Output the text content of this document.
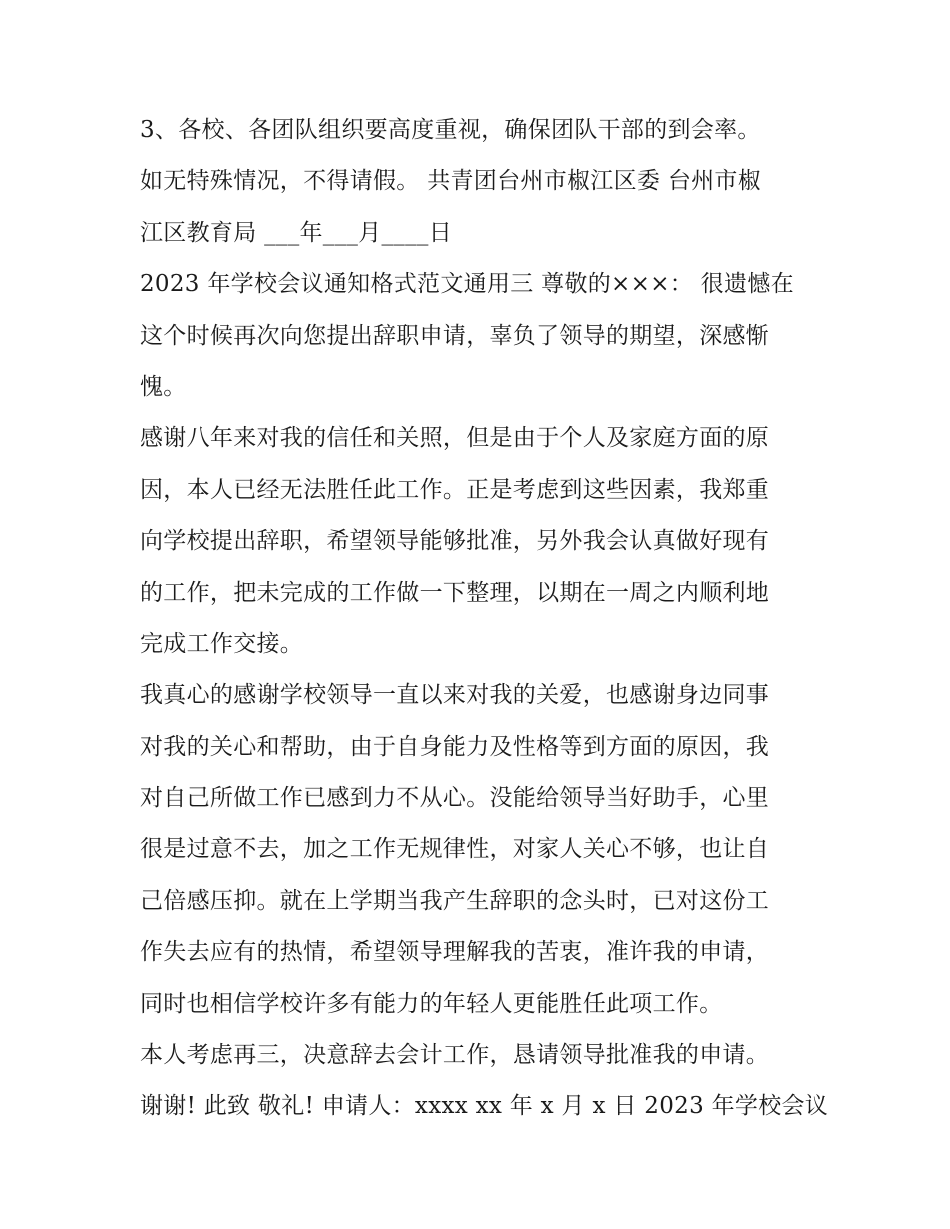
3、各校、各团队组织要高度重视，确保团队干部的到会率。
如无特殊情况，不得请假。 共青团台州市椒江区委 台州市椒
江区教育局 ___年___月____日
2023 年学校会议通知格式范文通用三 尊敬的×××： 很遗憾在
这个时候再次向您提出辞职申请，辜负了领导的期望，深感惭
愧。
感谢八年来对我的信任和关照，但是由于个人及家庭方面的原
因，本人已经无法胜任此工作。正是考虑到这些因素，我郑重
向学校提出辞职，希望领导能够批准，另外我会认真做好现有
的工作，把未完成的工作做一下整理，以期在一周之内顺利地
完成工作交接。
我真心的感谢学校领导一直以来对我的关爱，也感谢身边同事
对我的关心和帮助，由于自身能力及性格等到方面的原因，我
对自己所做工作已感到力不从心。没能给领导当好助手，心里
很是过意不去，加之工作无规律性，对家人关心不够，也让自
己倍感压抑。就在上学期当我产生辞职的念头时，已对这份工
作失去应有的热情，希望领导理解我的苦衷，准许我的申请，
同时也相信学校许多有能力的年轻人更能胜任此项工作。
本人考虑再三，决意辞去会计工作，恳请领导批准我的申请。
谢谢! 此致 敬礼! 申请人：xxxx xx 年 x 月 x 日 2023 年学校会议
